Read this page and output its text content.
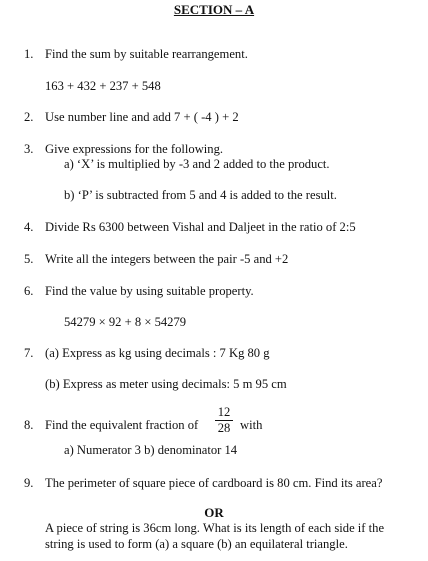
SECTION – A
1. Find the sum by suitable rearrangement.
163 + 432 + 237 + 548
2. Use number line and add 7 + ( -4 ) + 2
3. Give expressions for the following.
a) ‘X’ is multiplied by -3 and 2 added to the product.
b) ‘P’ is subtracted from 5 and 4 is added to the result.
4. Divide Rs 6300 between Vishal and Daljeet in the ratio of 2:5
5. Write all the integers between the pair -5 and +2
6. Find the value by using suitable property.
54279 × 92 + 8 × 54279
7. (a) Express as kg using decimals : 7 Kg 80 g
(b) Express as meter using decimals: 5 m 95 cm
8. Find the equivalent fraction of
12
28 with
a) Numerator 3 b) denominator 14
9. The perimeter of square piece of cardboard is 80 cm. Find its area?
OR
A piece of string is 36cm long. What is its length of each side if the
string is used to form (a) a square (b) an equilateral triangle.
